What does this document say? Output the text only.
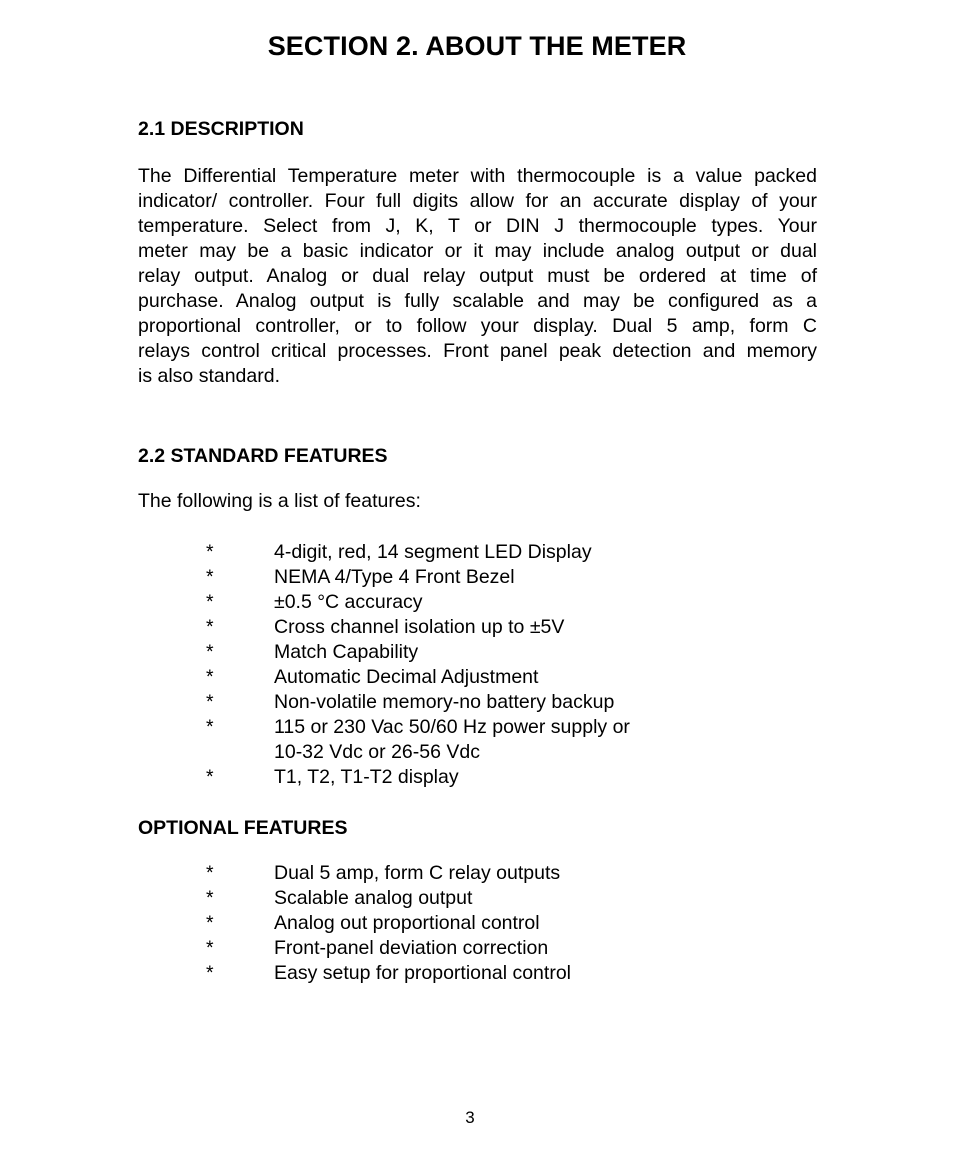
SECTION 2. ABOUT THE METER
2.1 DESCRIPTION
The Differential Temperature meter with thermocouple is a value packed
indicator/ controller. Four full digits allow for an accurate display of your
temperature. Select from J, K, T or DIN J thermocouple types. Your
meter may be a basic indicator or it may include analog output or dual
relay output. Analog or dual relay output must be ordered at time of
purchase. Analog output is fully scalable and may be configured as a
proportional controller, or to follow your display. Dual 5 amp, form C
relays control critical processes. Front panel peak detection and memory
is also standard.
2.2 STANDARD FEATURES
The following is a list of features:
*	4-digit, red, 14 segment LED Display
*	NEMA 4/Type 4 Front Bezel
*	±0.5 °C accuracy
*	Cross channel isolation up to ±5V
*	Match Capability
*	Automatic Decimal Adjustment
*	Non-volatile memory-no battery backup
*	115 or 230 Vac 50/60 Hz power supply or
10-32 Vdc or 26-56 Vdc
*	T1, T2, T1-T2 display
OPTIONAL FEATURES
*	Dual 5 amp, form C relay outputs
*	Scalable analog output
*	Analog out proportional control
*	Front-panel deviation correction
*	Easy setup for proportional control
3
